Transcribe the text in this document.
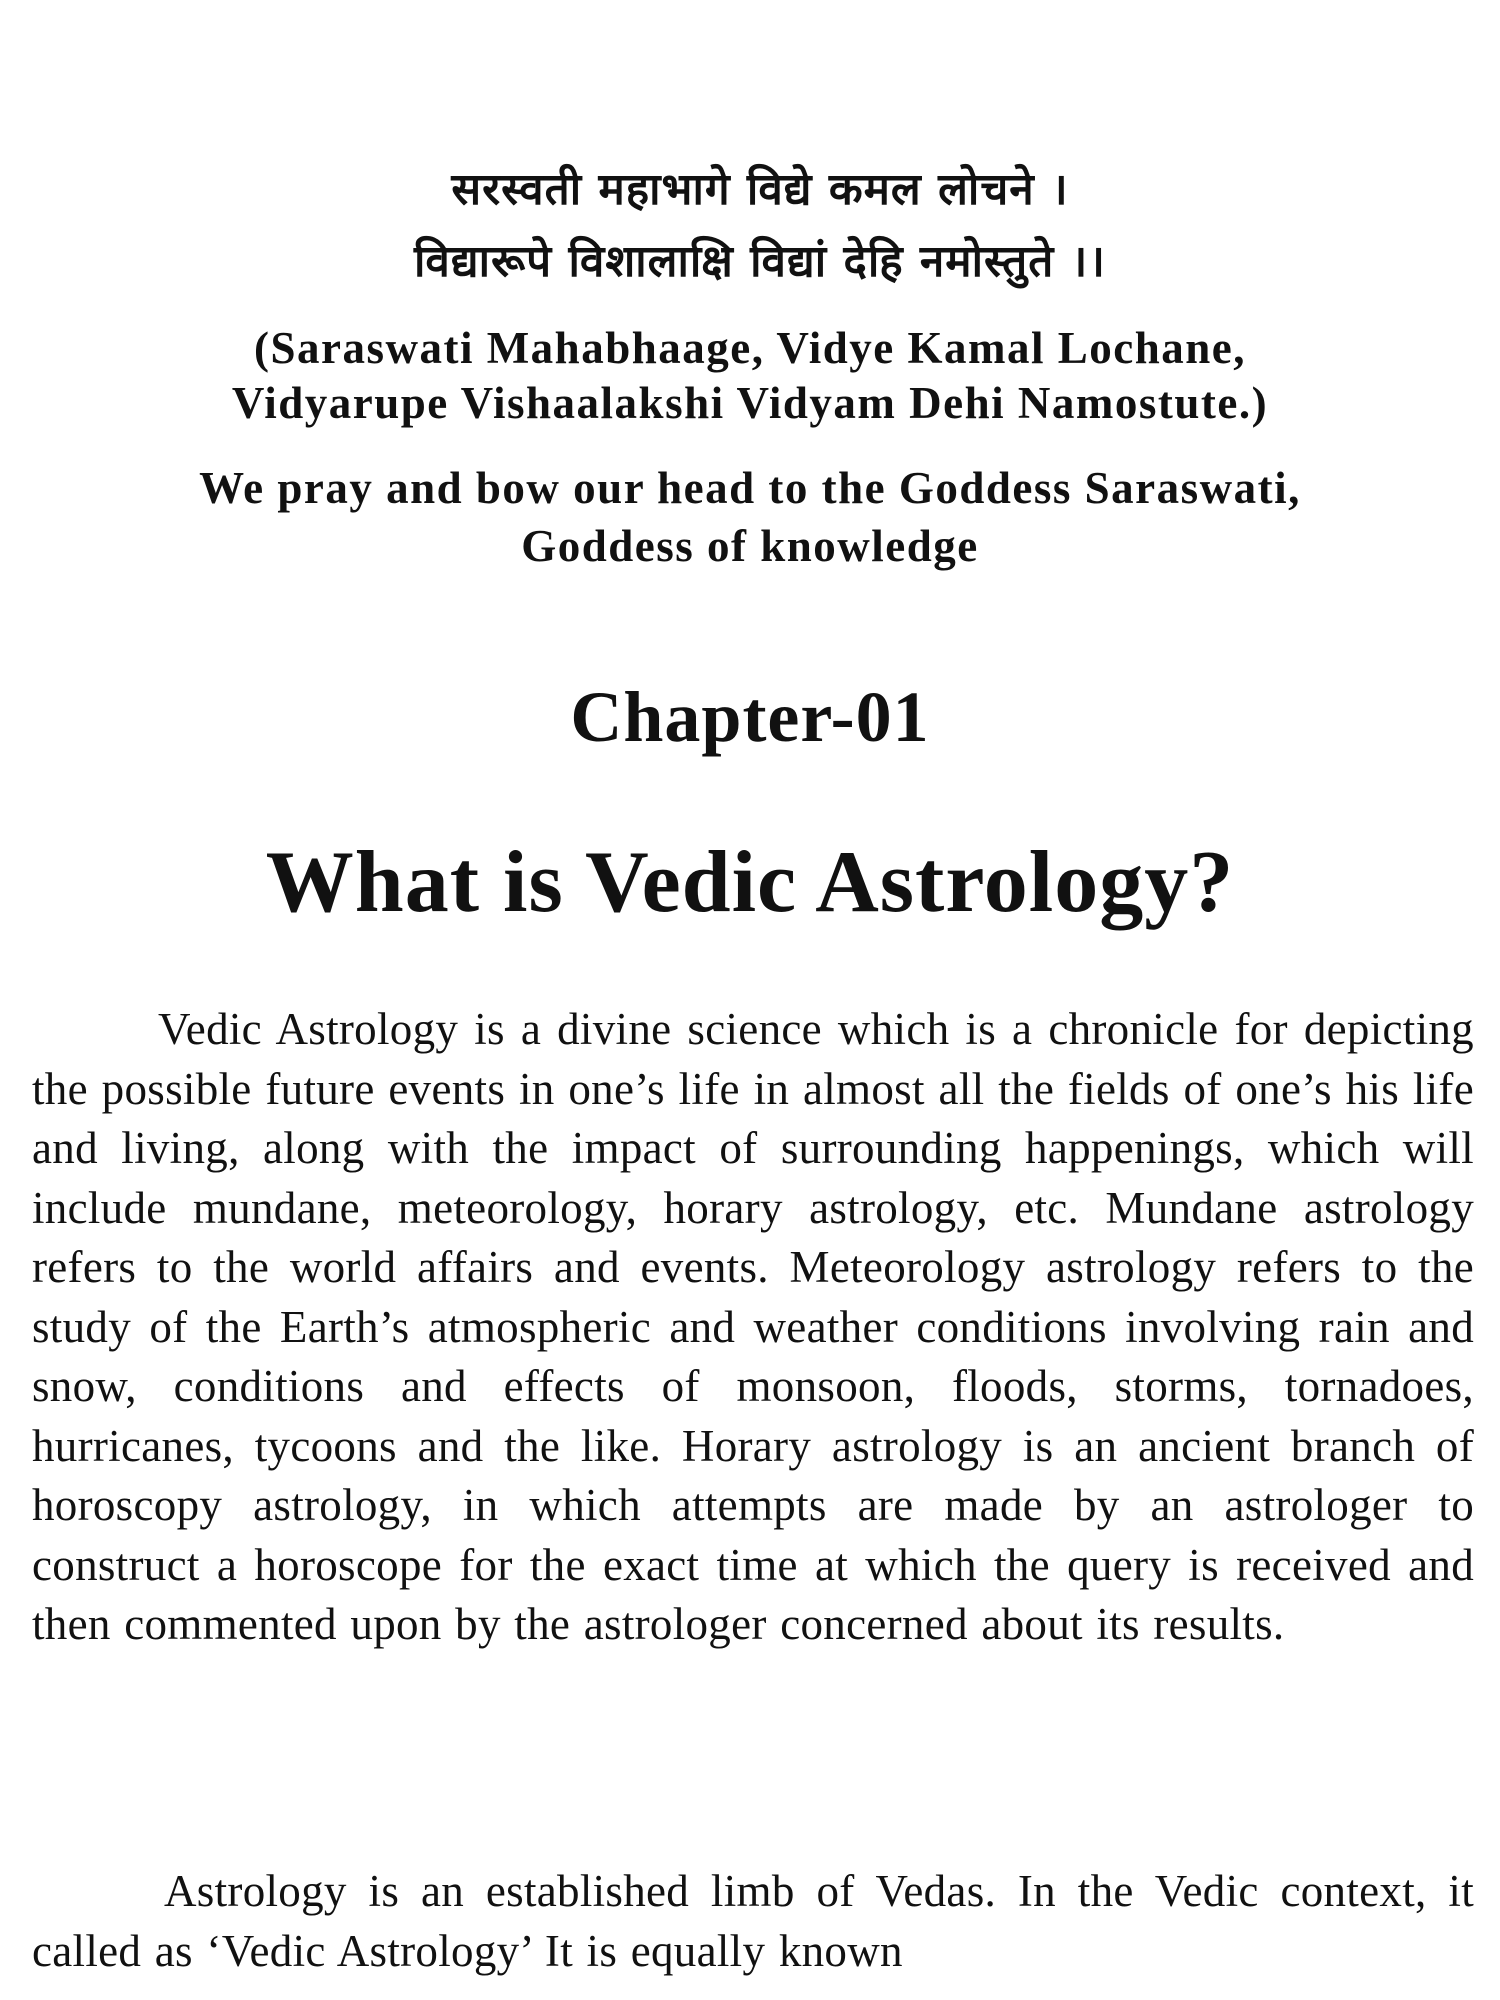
सरस्वती महाभागे विद्ये कमल लोचने ।
विद्यारूपे विशालाक्षि विद्यां देहि नमोस्तुते ।।
(Saraswati Mahabhaage, Vidye Kamal Lochane,
Vidyarupe Vishaalakshi Vidyam Dehi Namostute.)
We pray and bow our head to the Goddess Saraswati,
Goddess of knowledge
Chapter-01
What is Vedic Astrology?

Vedic Astrology is a divine science which is a chronicle for depicting the possible future events in one’s life in almost all the fields of one’s his life and living, along with the impact of surrounding happenings, which will include mundane, meteorology, horary astrology, etc. Mundane astrology refers to the world affairs and events. Meteorology astrology refers to the study of the Earth’s atmospheric and weather conditions involving rain and snow, conditions and effects of monsoon, floods, storms, tornadoes, hurricanes, tycoons and the like. Horary astrology is an ancient branch of horoscopy astrology, in which attempts are made by an astrologer to construct a horoscope for the exact time at which the query is received and then commented upon by the astrologer concerned about its results.

Astrology is an established limb of Vedas. In the Vedic context, it called as ‘Vedic Astrology’ It is equally known
